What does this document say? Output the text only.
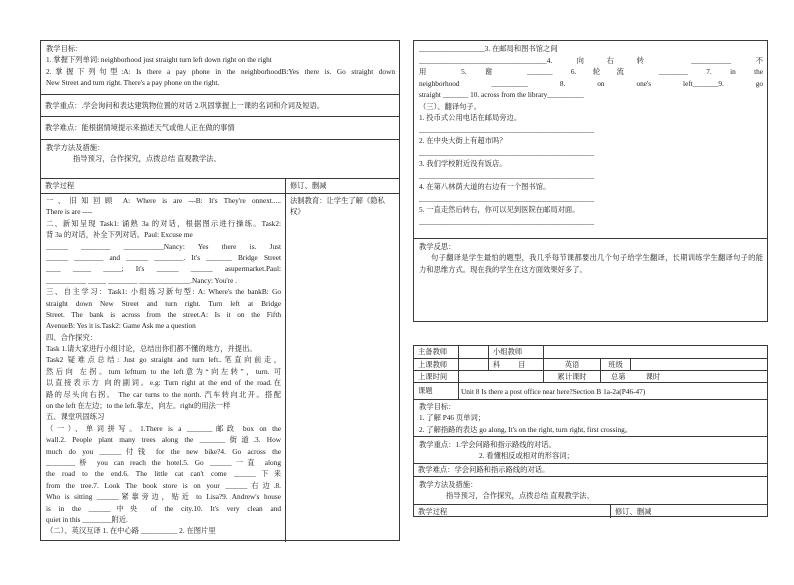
教学目标：
1. 掌握下列单词: neighborhood just straight turn left down right on the right
2.掌握下列句型:A: Is there a pay phone in the neighborhoodB:Yes there is. Go straight down
New Street and turn right. There's a pay phone on the right.
教学重点：.学会询问和表达建筑物位置的对话 2.巩固掌握上一课的名词和介词及短语。
教学难点：能根据情境提示来描述天气或他人正在做的事情
教学方法及措施：
指导预习，合作探究，点拨总结 直观教学法、
教学过程	修订、删减
一、旧知回顾 A: Where is are ---B: It's They're onnext.....
There is are ----
二、新知呈现 Task1: 诵熟 3a 的对话，根据图示进行操练。Task2:
背 3a 的对话，补全下列对话。Paul: Excuse me
______ ________ ___________Nancy: Yes there is. Just
______ ________ and ______ ________. It's _______ Bridge Street
____ _____ _____; It's ______ ______ asupermarket.Paul:
___________ _____ ________ ______________.Nancy: You're .
三、自主学习：Task1: 小组练习新句型: A: Where's the bankB: Go
straight down New Street and turn right. Turn left at Bridge
Street. The bank is across from the street.A: Is it on the Fifth
AvenueB: Yes it is.Task2: Game Ask me a question
四、合作探究：
Task 1.请大家进行小组讨论，总结出你们都不懂的地方，并提出。
Task2 疑难点总结: Just go straight and turn left..笔直向前走，
然后向 左拐。turn leftturn to the left意为“向左转”，turn. 可
以直接表示方 向的副词。e.g: Turn right at the end of the road.在
路的尽头向右拐。 The car turns to the north. 汽车转向北开。搭配
on the left 在左边；to the left.靠左，向左。right的用法一样
五、课堂巩固练习
（一）、单词拼写。1.There is a _______邮政 box on the
wall.2. People plant many trees along the _______街道.3. How
much do you ______付钱 for the new bike?4. Go across the
________桥 you can reach the hotel.5. Go ______一直 along
the road to the end.6. The little cat can't come ______下来
from the tree.7. Look The book store is on your ______右边.8.
Who is sitting ______紧靠旁边，贴近 to Lisa?9. Andrew's house
is in the ______中央 of the city.10. It's very clean and
quiet in this ________附近.
（二）、英汉互译 1. 在中心路 __________ 2. 在图片里
法制教育：让学生了解《隐私
权》
__________________3. 在邮局和图书馆之间
___________________________________4. 向右转 ___________ 不
用 5. 谢 _______ 6.轮流 ________ 7. in the
neighborhood __________ 8. on one's left_______9. go
straight _______ 10. across from the library__________
（三）、翻译句子。
1. 投币式公用电话在邮局旁边。
________________________________________________
2. 在中央大街上有超市吗？
________________________________________________
3. 我们学校附近没有饭店。
________________________________________________
4. 在第八林荫大道的右边有一个图书馆。
________________________________________________
5. 一直走然后转右，你可以见到医院在邮局对面。
________________________________________________
教学反思：
句子翻译是学生最怕的题型，我几乎每节课都要出几个句子给学生翻译，长期训练学生翻译句子的能
力和思维方式。现在我的学生在这方面效果好多了。
主备教师	小组教师
上课教师	科 目	英语	班级
上课时间	累计课时	总第	课时
课题	Unit 8 Is there a post office near here?Section B 1a-2a(P46-47)
教学目标：
1. 了解 P46 页单词；
2. 了解指路的表达 go along, It's on the right, turn right, first crossing。
教学重点：1.学会问路和指示路线的对话。
2. 看懂相反或相对的形容词；
教学难点：学会问路和指示路线的对话。
教学方法及措施：
指导预习，合作探究，点拨总结 直观教学法、
教学过程	修订、删减
